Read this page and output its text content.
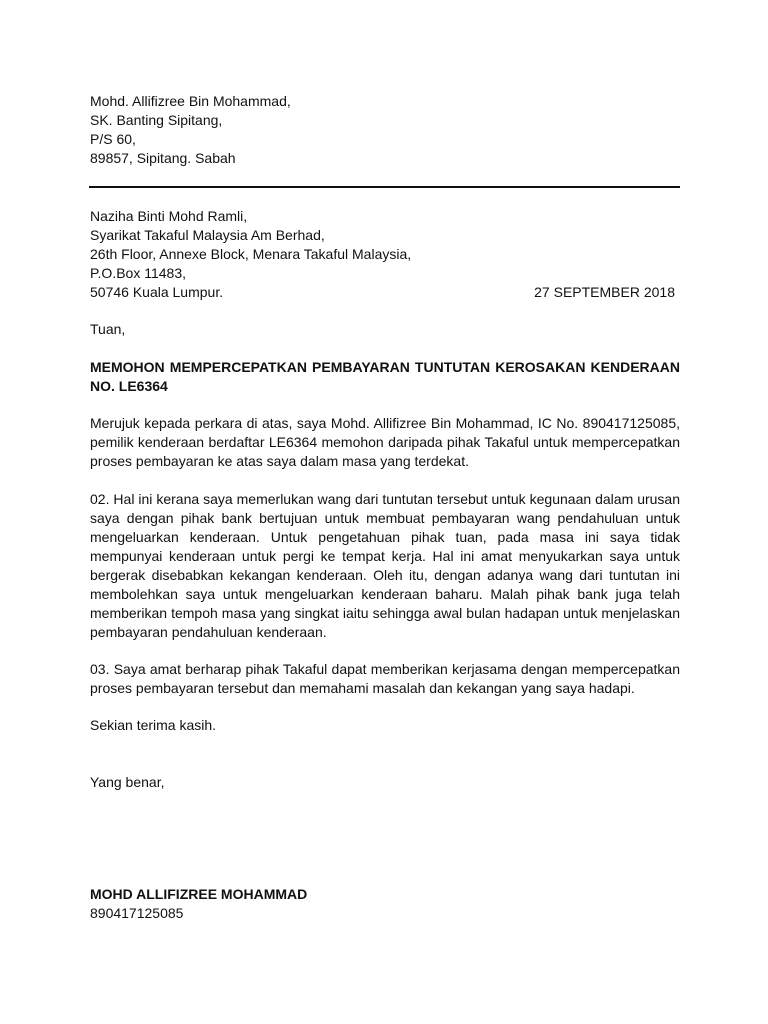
Mohd. Allifizree Bin Mohammad,
SK. Banting Sipitang,
P/S 60,
89857, Sipitang. Sabah
Naziha Binti Mohd Ramli,
Syarikat Takaful Malaysia Am Berhad,
26th Floor, Annexe Block, Menara Takaful Malaysia,
P.O.Box 11483,
50746 Kuala Lumpur.	27 SEPTEMBER 2018
Tuan,
MEMOHON MEMPERCEPATKAN PEMBAYARAN TUNTUTAN KEROSAKAN KENDERAAN NO. LE6364
Merujuk kepada perkara di atas, saya Mohd. Allifizree Bin Mohammad, IC No. 890417125085, pemilik kenderaan berdaftar LE6364 memohon daripada pihak Takaful untuk mempercepatkan proses pembayaran ke atas saya dalam masa yang terdekat.
02. Hal ini kerana saya memerlukan wang dari tuntutan tersebut untuk kegunaan dalam urusan saya dengan pihak bank bertujuan untuk membuat pembayaran wang pendahuluan untuk mengeluarkan kenderaan. Untuk pengetahuan pihak tuan, pada masa ini saya tidak mempunyai kenderaan untuk pergi ke tempat kerja. Hal ini amat menyukarkan saya untuk bergerak disebabkan kekangan kenderaan. Oleh itu, dengan adanya wang dari tuntutan ini membolehkan saya untuk mengeluarkan kenderaan baharu. Malah pihak bank juga telah memberikan tempoh masa yang singkat iaitu sehingga awal bulan hadapan untuk menjelaskan pembayaran pendahuluan kenderaan.
03. Saya amat berharap pihak Takaful dapat memberikan kerjasama dengan mempercepatkan proses pembayaran tersebut dan memahami masalah dan kekangan yang saya hadapi.
Sekian terima kasih.
Yang benar,
MOHD ALLIFIZREE MOHAMMAD
890417125085
